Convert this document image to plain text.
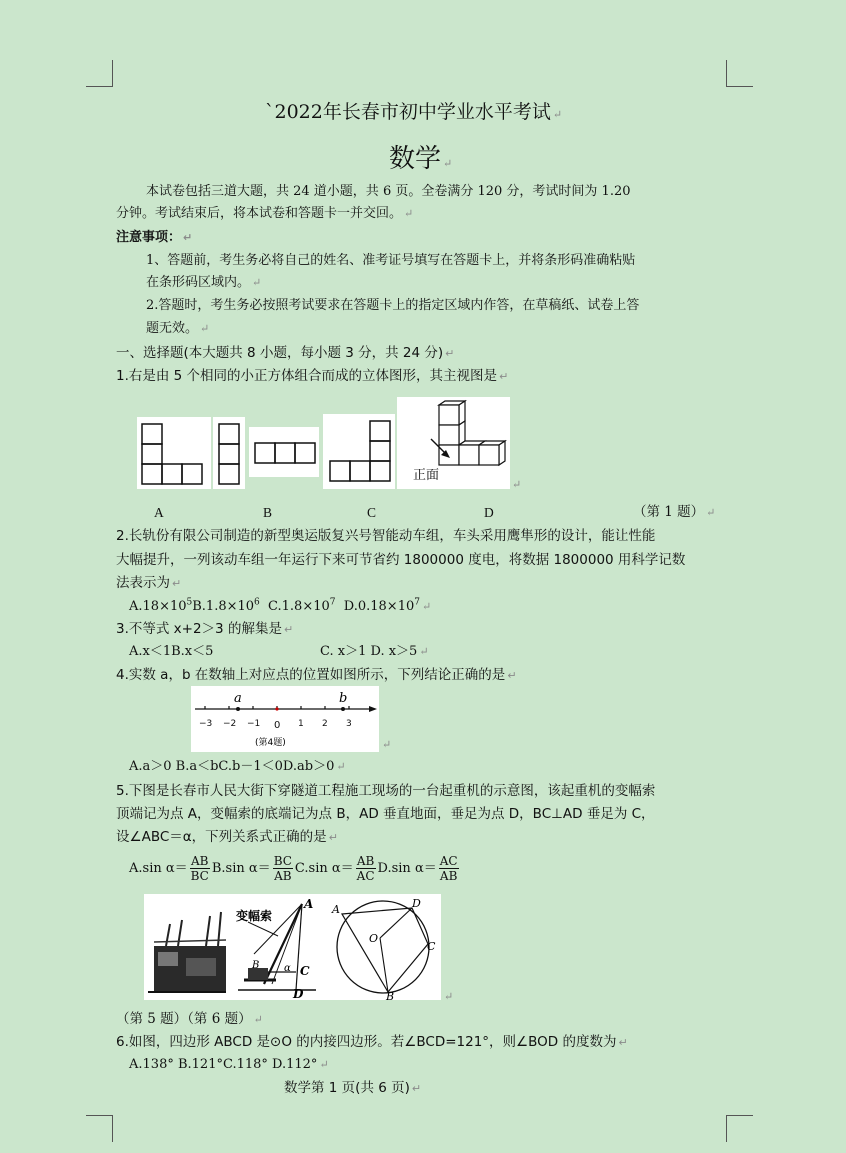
`2022年长春市初中学业水平考试 ↵
数学 ↵
本试卷包括三道大题，共 24 道小题，共 6 页。全卷满分 120 分，考试时间为 1.20
分钟。考试结束后，将本试卷和答题卡一并交回。 ↵
注意事项： ↵
1、答题前，考生务必将自己的姓名、准考证号填写在答题卡上，并将条形码准确粘贴
在条形码区域内。 ↵
2.答题时，考生务必按照考试要求在答题卡上的指定区域内作答，在草稿纸、试卷上答
题无效。 ↵
一、选择题(本大题共 8 小题，每小题 3 分，共 24 分) ↵
1.右是由 5 个相同的小正方体组合而成的立体图形，其主视图是 ↵
正面
↵
A	B	C	D	（第 1 题） ↵
2.长轨份有限公司制造的新型奥运版复兴号智能动车组，车头采用鹰隼形的设计，能让性能
大幅提升，一列该动车组一年运行下来可节省约 1800000 度电，将数据 1800000 用科学记数
法表示为 ↵
$A.18\times 10^5B.1.8\times 10^6$ $C.1.8\times 10^7$ $D.0.18\times 10^7$ ↵
3.不等式 x+2＞3 的解集是 ↵
A.x＜1B.x＜5	C. x＞1 D. x＞5 ↵
4.实数 a，b 在数轴上对应点的位置如图所示，下列结论正确的是 ↵
a	b
−3 −2 −1 0 1 2 3
(第4题)	↵
A.a＞0 B.a＜bC.b－1＜0D.ab＞0 ↵
5.下图是长春市人民大街下穿隧道工程施工现场的一台起重机的示意图，该起重机的变幅索
顶端记为点 A，变幅索的底端记为点 B，AD 垂直地面，垂足为点 D，BC⊥AD 垂足为 C，
设∠ABC＝α，下列关系式正确的是 ↵
A.sin $\alpha= \frac{AB}{BC} B.\sin$ $\alpha= \frac{BC}{AB} C.\sin$ $\alpha= \frac{AB}{AC} D.\sin$ $\alpha= \frac{AC}{AB}$
变幅索
A
B	C
D
α
A	D
C
B
O
↵
（第 5 题）（第 6 题） ↵
6.如图，四边形 ABCD 是⊙O 的内接四边形。若∠BCD=121°，则∠BOD 的度数为 ↵
A.138° B.121°C.118° D.112° ↵
数学第 1 页(共 6 页) ↵
